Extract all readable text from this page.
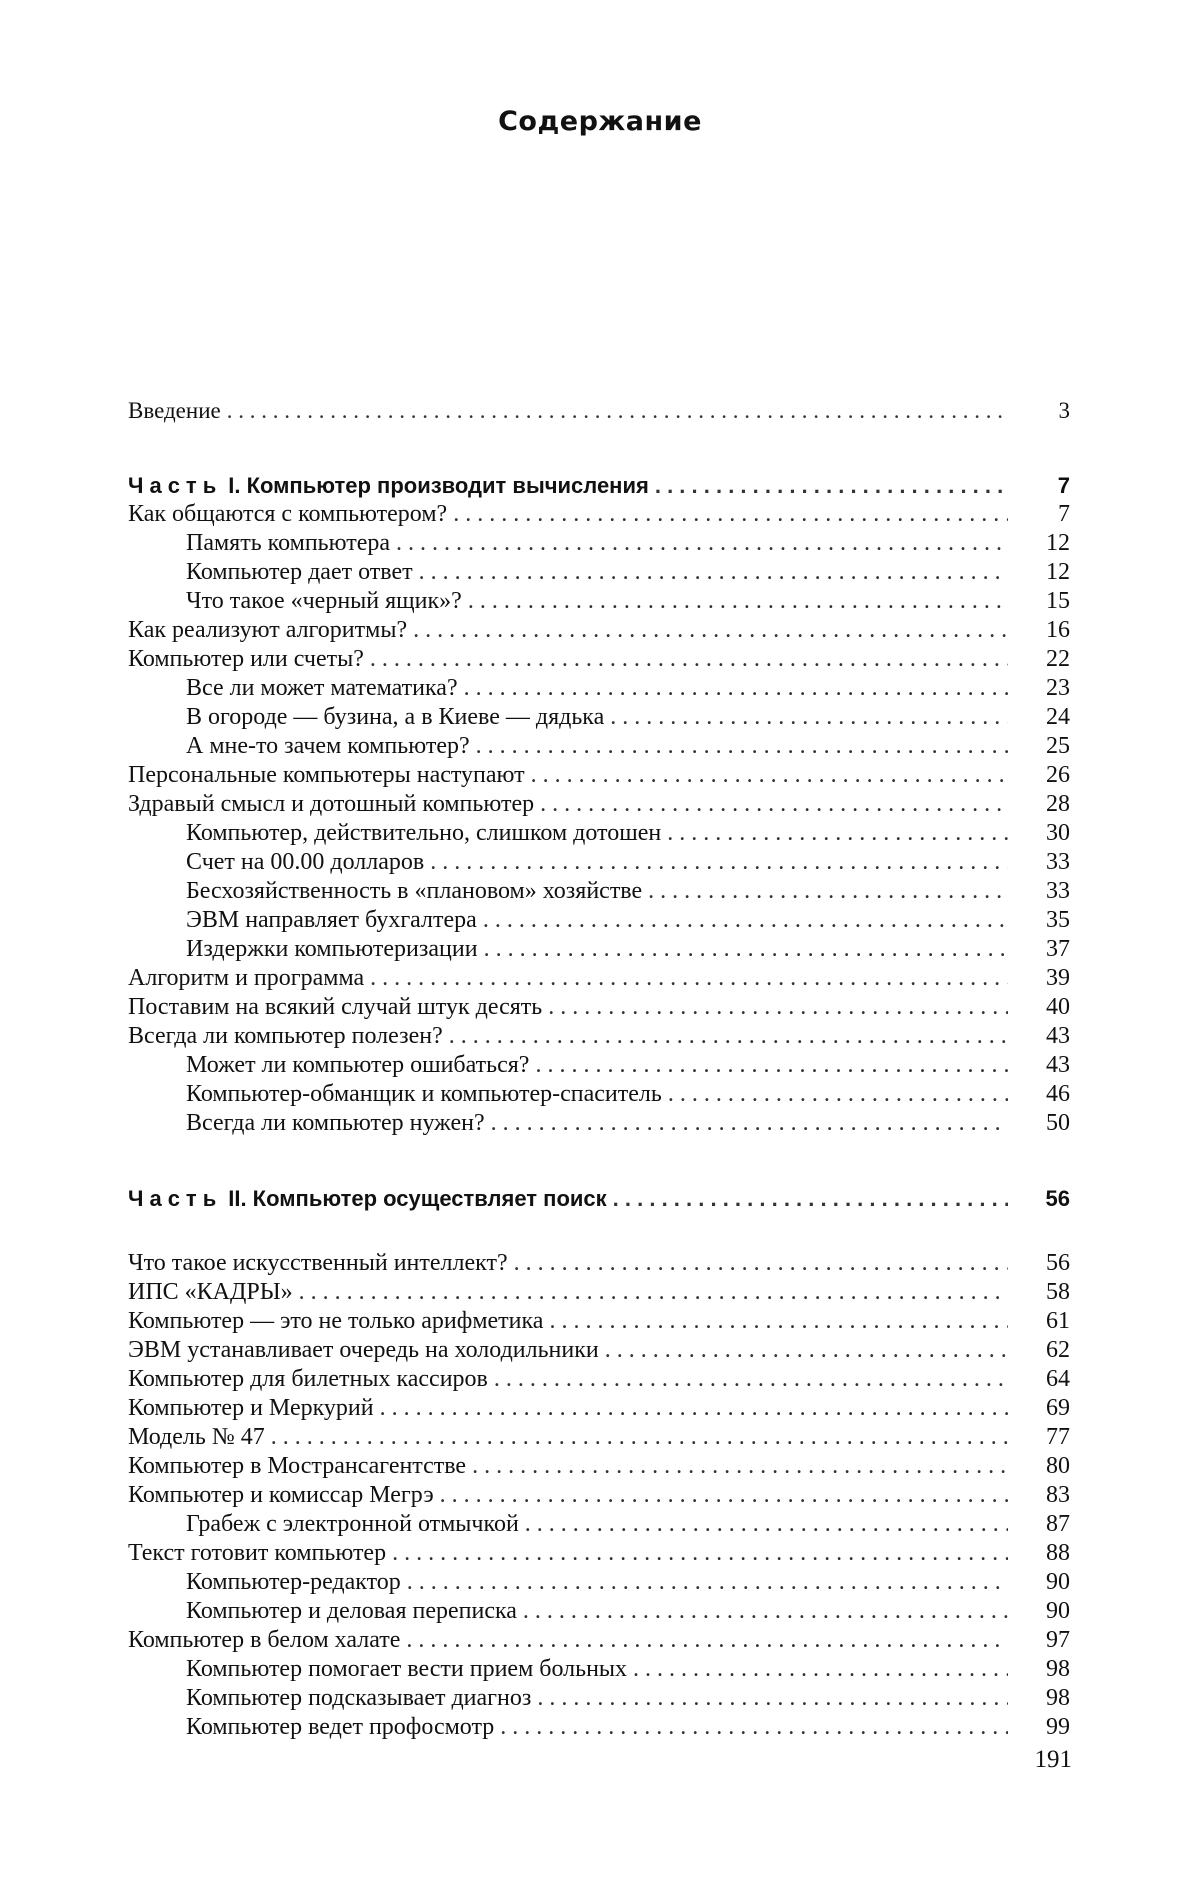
Содержание
Введение . . .	3
Часть I. Компьютер производит вычисления . . .	7
Как общаются с компьютером? . . .	7
Память компьютера . . .	12
Компьютер дает ответ . . .	12
Что такое «черный ящик»? . . .	15
Как реализуют алгоритмы? . . .	16
Компьютер или счеты? . . .	22
Все ли может математика? . . .	23
В огороде — бузина, а в Киеве — дядька . . .	24
А мне-то зачем компьютер? . . .	25
Персональные компьютеры наступают . . .	26
Здравый смысл и дотошный компьютер . . .	28
Компьютер, действительно, слишком дотошен . . .	30
Счет на 00.00 долларов . . .	33
Бесхозяйственность в «плановом» хозяйстве . . .	33
ЭВМ направляет бухгалтера . . .	35
Издержки компьютеризации . . .	37
Алгоритм и программа . . .	39
Поставим на всякий случай штук десять . . .	40
Всегда ли компьютер полезен? . . .	43
Может ли компьютер ошибаться? . . .	43
Компьютер-обманщик и компьютер-спаситель . . .	46
Всегда ли компьютер нужен? . . .	50
Часть II. Компьютер осуществляет поиск . . .	56
Что такое искусственный интеллект? . . .	56
ИПС «КАДРЫ» . . .	58
Компьютер — это не только арифметика . . .	61
ЭВМ устанавливает очередь на холодильники . . .	62
Компьютер для билетных кассиров . . .	64
Компьютер и Меркурий . . .	69
Модель № 47 . . .	77
Компьютер в Мострансагентстве . . .	80
Компьютер и комиссар Мегрэ . . .	83
Грабеж с электронной отмычкой . . .	87
Текст готовит компьютер . . .	88
Компьютер-редактор . . .	90
Компьютер и деловая переписка . . .	90
Компьютер в белом халате . . .	97
Компьютер помогает вести прием больных . . .	98
Компьютер подсказывает диагноз . . .	98
Компьютер ведет профосмотр . . .	99
191
